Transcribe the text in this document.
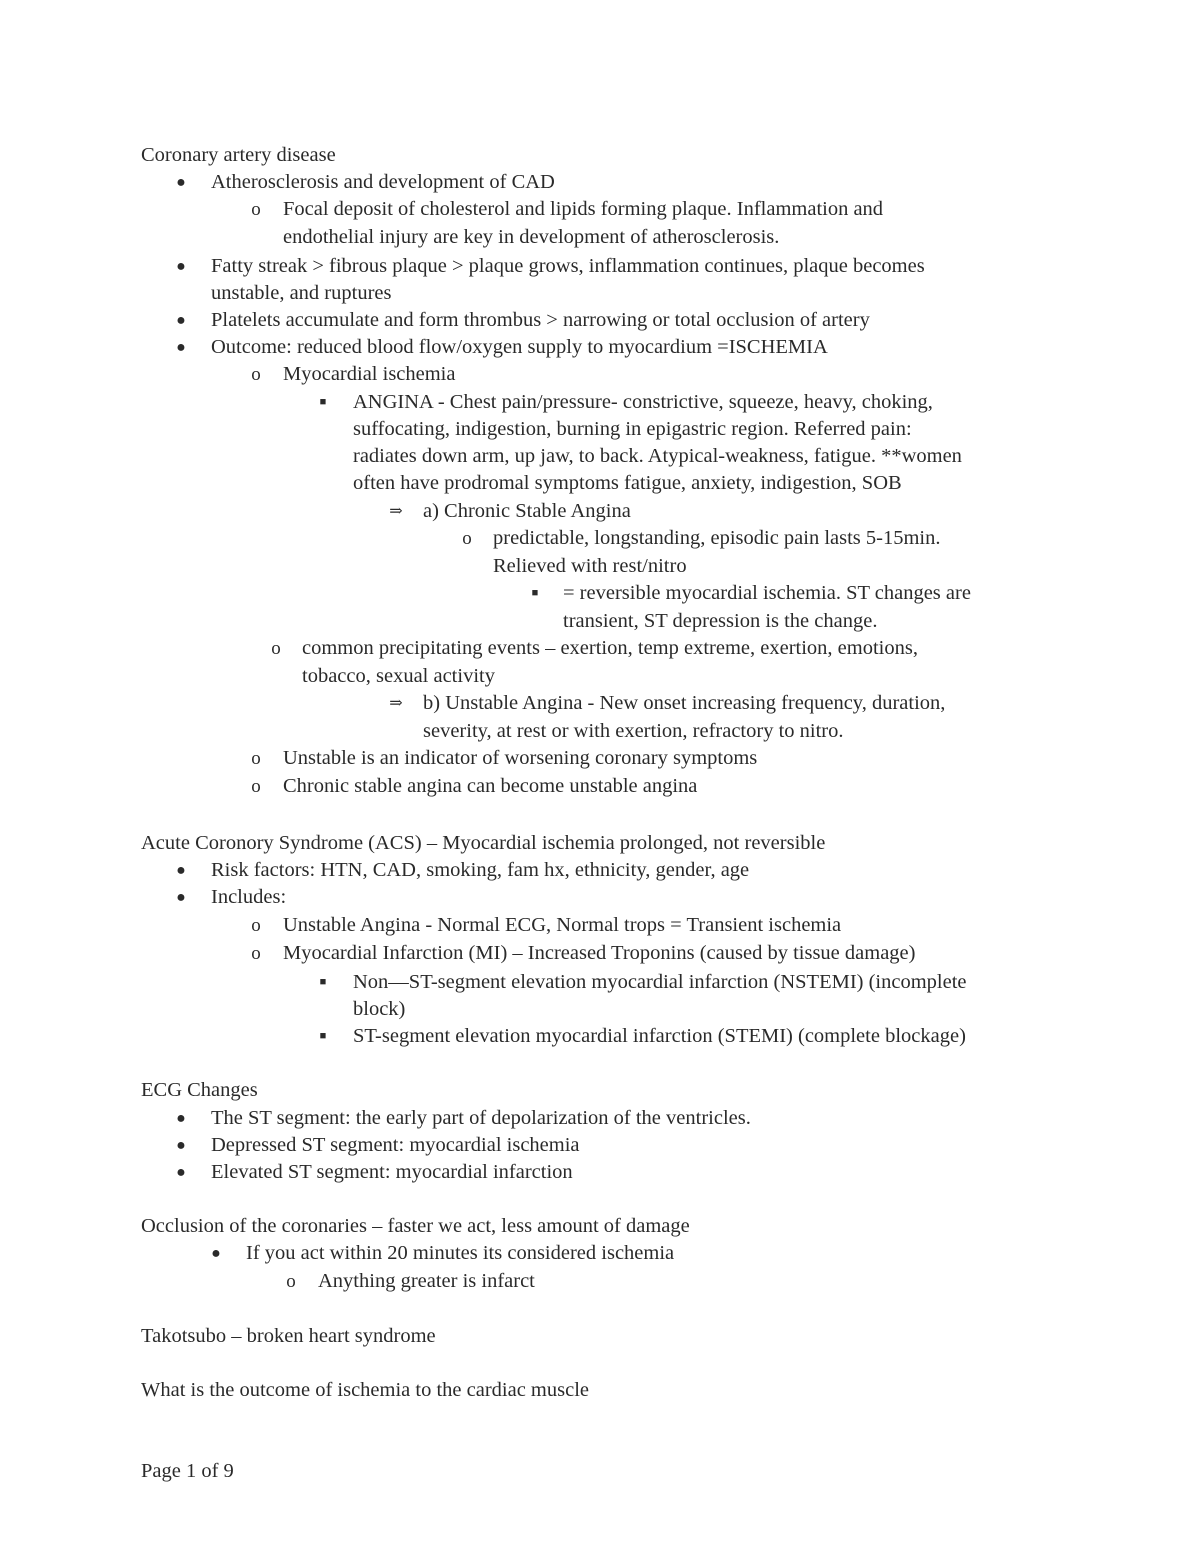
Coronary artery disease
● Atherosclerosis and development of CAD
o Focal deposit of cholesterol and lipids forming plaque. Inflammation and
endothelial injury are key in development of atherosclerosis.
● Fatty streak > fibrous plaque > plaque grows, inflammation continues, plaque becomes
unstable, and ruptures
● Platelets accumulate and form thrombus > narrowing or total occlusion of artery
● Outcome: reduced blood flow/oxygen supply to myocardium =ISCHEMIA
o Myocardial ischemia
■	ANGINA - Chest pain/pressure- constrictive, squeeze, heavy, choking,
suffocating, indigestion, burning in epigastric region. Referred pain:
radiates down arm, up jaw, to back. Atypical-weakness, fatigue. **women
often have prodromal symptoms fatigue, anxiety, indigestion, SOB
⇒ a) Chronic Stable Angina
o predictable, longstanding, episodic pain lasts 5-15min.
Relieved with rest/nitro
■	= reversible myocardial ischemia. ST changes are
transient, ST depression is the change.
o common precipitating events – exertion, temp extreme, exertion, emotions,
tobacco, sexual activity
⇒ b) Unstable Angina - New onset increasing frequency, duration,
severity, at rest or with exertion, refractory to nitro.
o Unstable is an indicator of worsening coronary symptoms
o Chronic stable angina can become unstable angina
Acute Coronory Syndrome (ACS) – Myocardial ischemia prolonged, not reversible
● Risk factors: HTN, CAD, smoking, fam hx, ethnicity, gender, age
● Includes:
o Unstable Angina - Normal ECG, Normal trops = Transient ischemia
o Myocardial Infarction (MI) – Increased Troponins (caused by tissue damage)
■	Non—ST-segment elevation myocardial infarction (NSTEMI) (incomplete
block)
■	ST-segment elevation myocardial infarction (STEMI) (complete blockage)
ECG Changes
● The ST segment: the early part of depolarization of the ventricles.
● Depressed ST segment: myocardial ischemia
● Elevated ST segment: myocardial infarction
Occlusion of the coronaries – faster we act, less amount of damage
● If you act within 20 minutes its considered ischemia
o Anything greater is infarct
Takotsubo – broken heart syndrome
What is the outcome of ischemia to the cardiac muscle
Page 1 of 9
